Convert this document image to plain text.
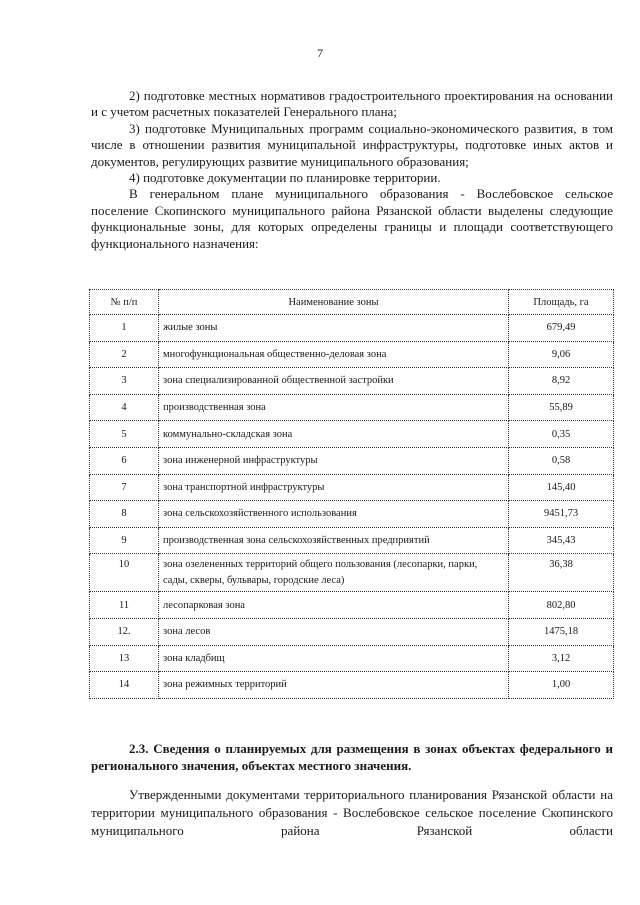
7

2) подготовке местных нормативов градостроительного проектирования на основании и с учетом расчетных показателей Генерального плана;

3) подготовке Муниципальных программ социально-экономического развития, в том числе в отношении развития муниципальной инфраструктуры, подготовке иных актов и документов, регулирующих развитие муниципального образования;

4) подготовке документации по планировке территории.

В генеральном плане муниципального образования - Вослебовское сельское поселение Скопинского муниципального района Рязанской области выделены следующие функциональные зоны, для которых определены границы и площади соответствующего функционального назначения:

№ п/п	Наименование зоны	Площадь, га
1	жилые зоны	679,49
2	многофункциональная общественно-деловая зона	9,06
3	зона специализированной общественной застройки	8,92
4	производственная зона	55,89
5	коммунально-складская зона	0,35
6	зона инженерной инфраструктуры	0,58
7	зона транспортной инфраструктуры	145,40
8	зона сельскохозяйственного использования	9451,73
9	производственная зона сельскохозяйственных предприятий	345,43
10	зона озелененных территорий общего пользования (лесопарки, парки, сады, скверы, бульвары, городские леса)	36,38
11	лесопарковая зона	802,80
12.	зона лесов	1475,18
13	зона кладбищ	3,12
14	зона режимных территорий	1,00
2.3. Сведения о планируемых для размещения в зонах объектах федерального и регионального значения, объектах местного значения.

Утвержденными документами территориального планирования Рязанской области на территории муниципального образования - Вослебовское сельское поселение Скопинского муниципального района Рязанской области
